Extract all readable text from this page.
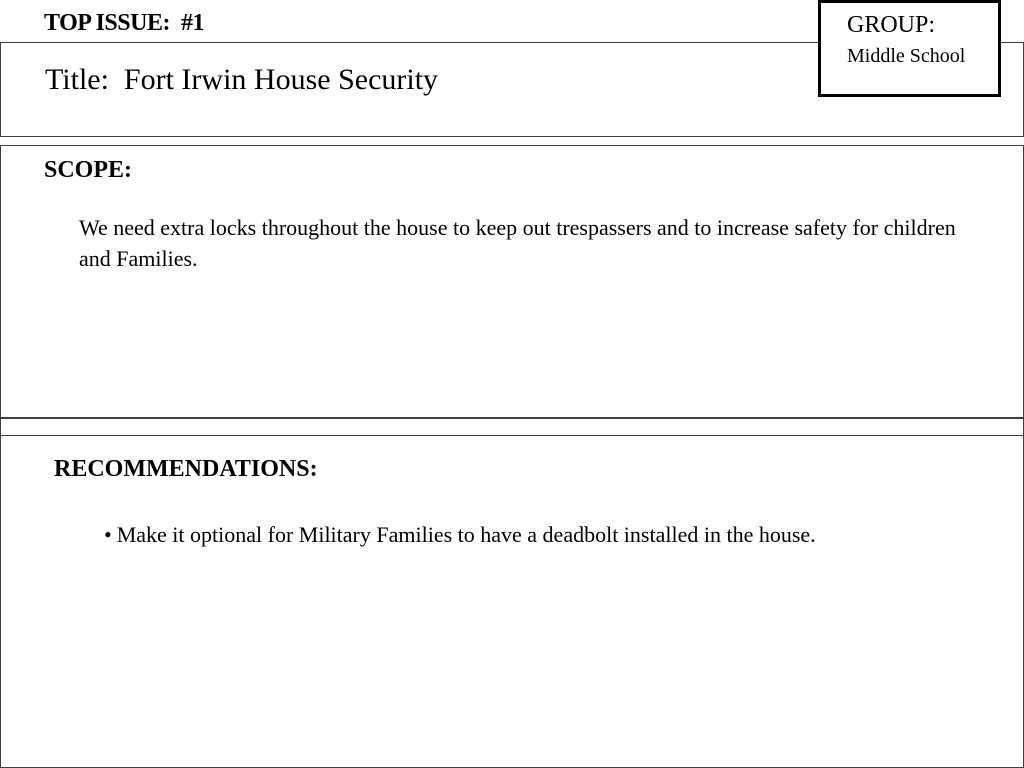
TOP ISSUE:  #1
Title:  Fort Irwin House Security
GROUP:
Middle School
SCOPE:
We need extra locks throughout the house to keep out trespassers and to increase safety for children and Families.
RECOMMENDATIONS:
• Make it optional for Military Families to have a deadbolt installed in the house.
